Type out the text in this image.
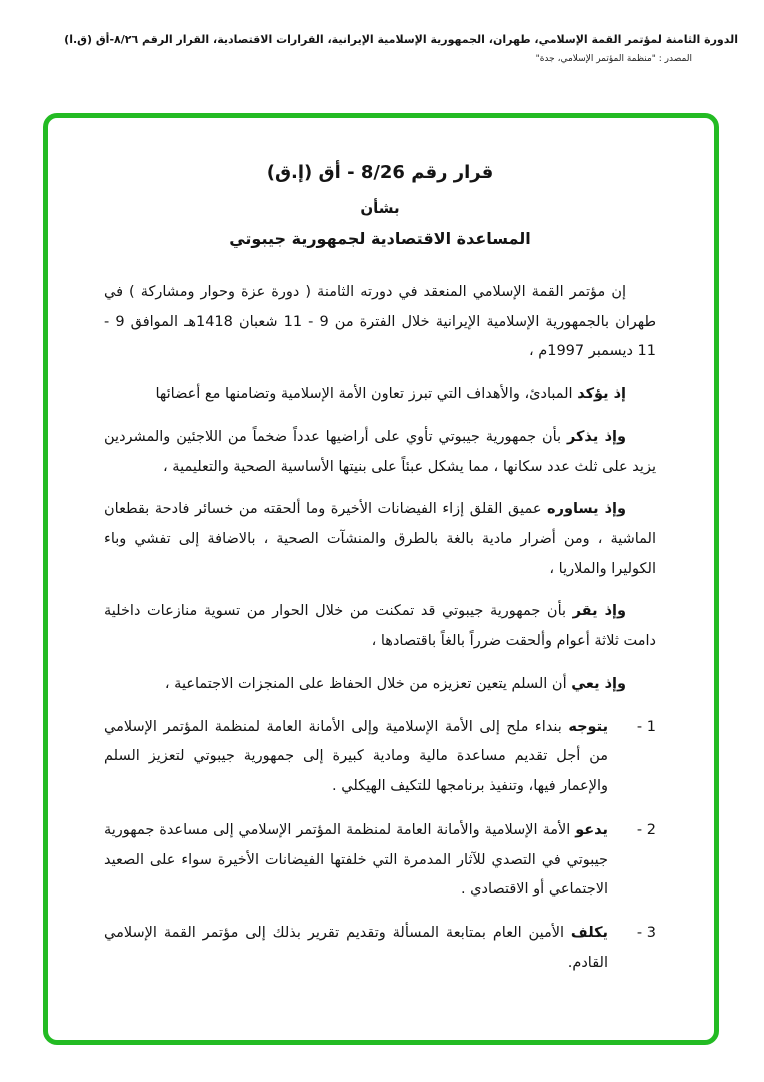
الدورة الثامنة لمؤتمر القمة الإسلامي، طهران، الجمهورية الإسلامية الإيرانية، القرارات الاقتصادية، القرار الرقم ٨/٢٦-أق (ق.ا)
المصدر : "منظمة المؤتمر الإسلامي، جدة"
قرار رقم 8/26 - أق (إ.ق)
بشأن
المساعدة الاقتصادية لجمهورية جيبوتي

إن مؤتمر القمة الإسلامي المنعقد في دورته الثامنة ( دورة عزة وحوار ومشاركة ) في طهران بالجمهورية الإسلامية الإيرانية خلال الفترة من 9 - 11 شعبان 1418هـ الموافق 9 - 11 ديسمبر 1997م ،

إذ يؤكد المبادئ، والأهداف التي تبرز تعاون الأمة الإسلامية وتضامنها مع أعضائها

وإذ يذكر بأن جمهورية جيبوتي تأوي على أراضيها عدداً ضخماً من اللاجئين والمشردين يزيد على ثلث عدد سكانها ، مما يشكل عبئاً على بنيتها الأساسية الصحية والتعليمية ،

وإذ يساوره عميق القلق إزاء الفيضانات الأخيرة وما ألحقته من خسائر فادحة بقطعان الماشية ، ومن أضرار مادية بالغة بالطرق والمنشآت الصحية ، بالاضافة إلى تفشي وباء الكوليرا والملاريا ،

وإذ يقر بأن جمهورية جيبوتي قد تمكنت من خلال الحوار من تسوية منازعات داخلية دامت ثلاثة أعوام وألحقت ضرراً بالغاً باقتصادها ،

وإذ يعي أن السلم يتعين تعزيزه من خلال الحفاظ على المنجزات الاجتماعية ،

1 -

يتوجه بنداء ملح إلى الأمة الإسلامية وإلى الأمانة العامة لمنظمة المؤتمر الإسلامي من أجل تقديم مساعدة مالية ومادية كبيرة إلى جمهورية جيبوتي لتعزيز السلم والإعمار فيها، وتنفيذ برنامجها للتكيف الهيكلي .

2 -

يدعو الأمة الإسلامية والأمانة العامة لمنظمة المؤتمر الإسلامي إلى مساعدة جمهورية جيبوتي في التصدي للآثار المدمرة التي خلفتها الفيضانات الأخيرة سواء على الصعيد الاجتماعي أو الاقتصادي .

3 -

يكلف الأمين العام بمتابعة المسألة وتقديم تقرير بذلك إلى مؤتمر القمة الإسلامي القادم.
